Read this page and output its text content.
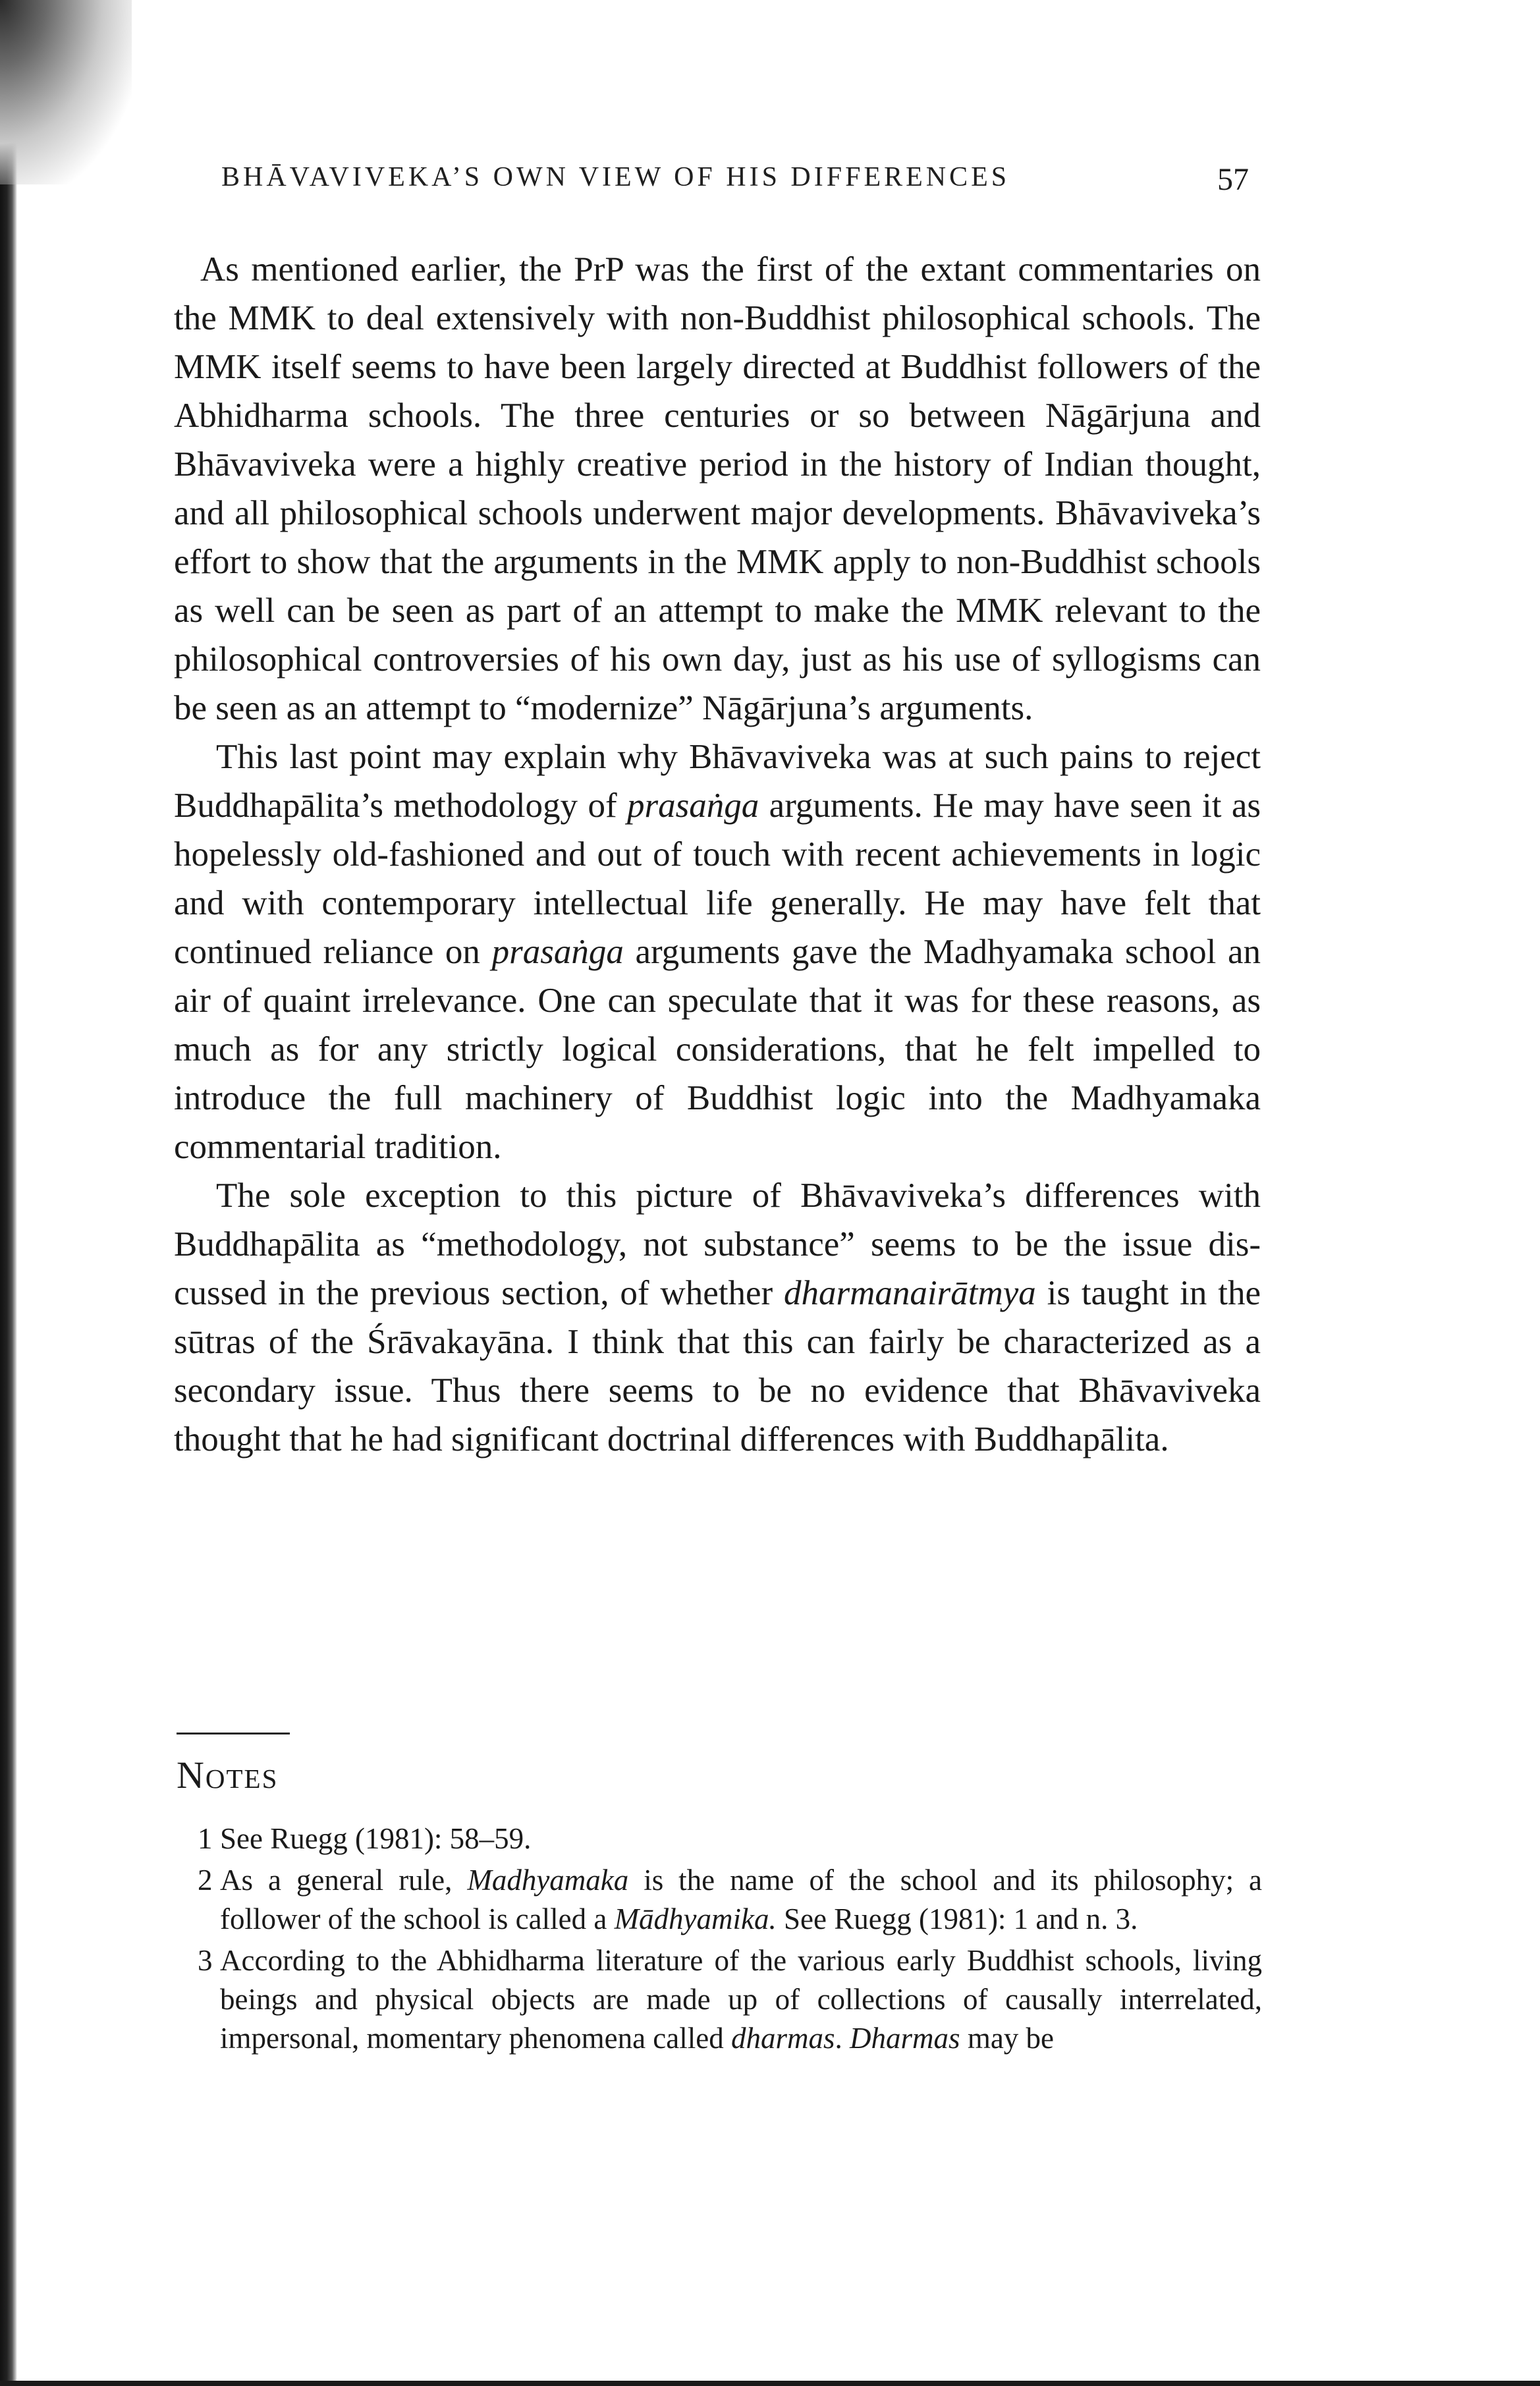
BHĀVAVIVEKA’S OWN VIEW OF HIS DIFFERENCES	57

As mentioned earlier, the PrP was the first of the extant commentaries on the MMK to deal extensively with non-Buddhist philosophical schools. The MMK itself seems to have been largely directed at Buddhist followers of the Abhidharma schools. The three centuries or so between Nāgārjuna and Bhāvaviveka were a highly creative period in the history of Indian thought, and all philosophical schools underwent major developments. Bhāvaviveka’s effort to show that the arguments in the MMK apply to non-Buddhist schools as well can be seen as part of an attempt to make the MMK relevant to the philosophical controversies of his own day, just as his use of syllogisms can be seen as an attempt to “modernize” Nāgārjuna’s arguments.

This last point may explain why Bhāvaviveka was at such pains to reject Buddhapālita’s methodology of prasaṅga arguments. He may have seen it as hopelessly old-fashioned and out of touch with recent achievements in logic and with contemporary intellectual life generally. He may have felt that continued reliance on prasaṅga arguments gave the Madhyamaka school an air of quaint irrelevance. One can speculate that it was for these reasons, as much as for any strictly logical considerations, that he felt impelled to introduce the full machinery of Buddhist logic into the Madhyamaka commentarial tradition.

The sole exception to this picture of Bhāvaviveka’s differences with Buddhapālita as “methodology, not substance” seems to be the issue discussed in the previous section, of whether dharmanairātmya is taught in the sūtras of the Śrāvakayāna. I think that this can fairly be characterized as a secondary issue. Thus there seems to be no evidence that Bhāvaviveka thought that he had significant doctrinal differences with Buddhapālita.

Notes
1 See Ruegg (1981): 58–59.
2 As a general rule, Madhyamaka is the name of the school and its philosophy; a follower of the school is called a Mādhyamika. See Ruegg (1981): 1 and n. 3.
3 According to the Abhidharma literature of the various early Buddhist schools, living beings and physical objects are made up of collections of causally interrelated, impersonal, momentary phenomena called dharmas. Dharmas may be
